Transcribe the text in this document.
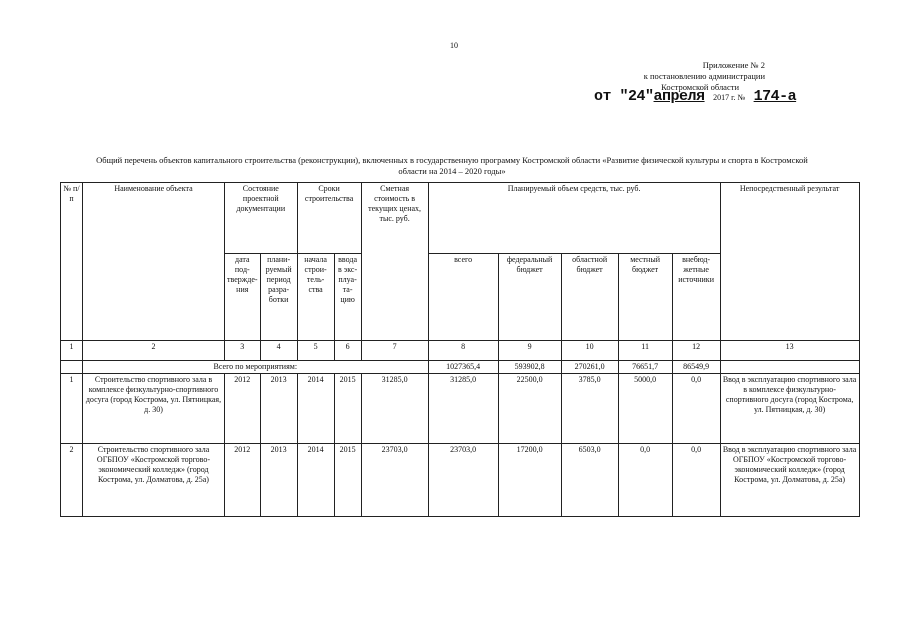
10
Приложение № 2
к постановлению администрации
Костромской области
от "24"апреля 2017 г. № 174-а
Общий перечень объектов капитального строительства (реконструкции), включенных в государственную программу Костромской области «Развитие физической культуры и спорта в Костромской области на 2014 – 2020 годы»
№ п/п	Наименование объекта	Состояние проектной документации		Сроки строительства		Сметная стоимость в текущих ценах, тыс. руб.	Планируемый объем средств, тыс. руб.					Непосредственный результат
		дата под- твержде- ния	плани- руемый период разра- ботки	начала строи- тель- ства	ввода в экс- плуа- та- цию		всего	федеральный бюджет	областной бюджет	местный бюджет	внебюд- жетные источники	
1	2	3	4	5	6	7	8	9	10	11	12	13
	Всего по мероприятиям:						1027365,4	593902,8	270261,0	76651,7	86549,9	
1	Строительство спортивного зала в комплексе физкультурно-спортивного досуга (город Кострома, ул. Пятницкая, д. 30)	2012	2013	2014	2015	31285,0	31285,0	22500,0	3785,0	5000,0	0,0	Ввод в эксплуатацию спортивного зала в комплексе физкультурно-спортивного досуга (город Кострома, ул. Пятницкая, д. 30)
2	Строительство спортивного зала ОГБПОУ «Костромской торгово-экономический колледж» (город Кострома, ул. Долматова, д. 25а)	2012	2013	2014	2015	23703,0	23703,0	17200,0	6503,0	0,0	0,0	Ввод в эксплуатацию спортивного зала ОГБПОУ «Костромской торгово-экономический колледж» (город Кострома, ул. Долматова, д. 25а)
